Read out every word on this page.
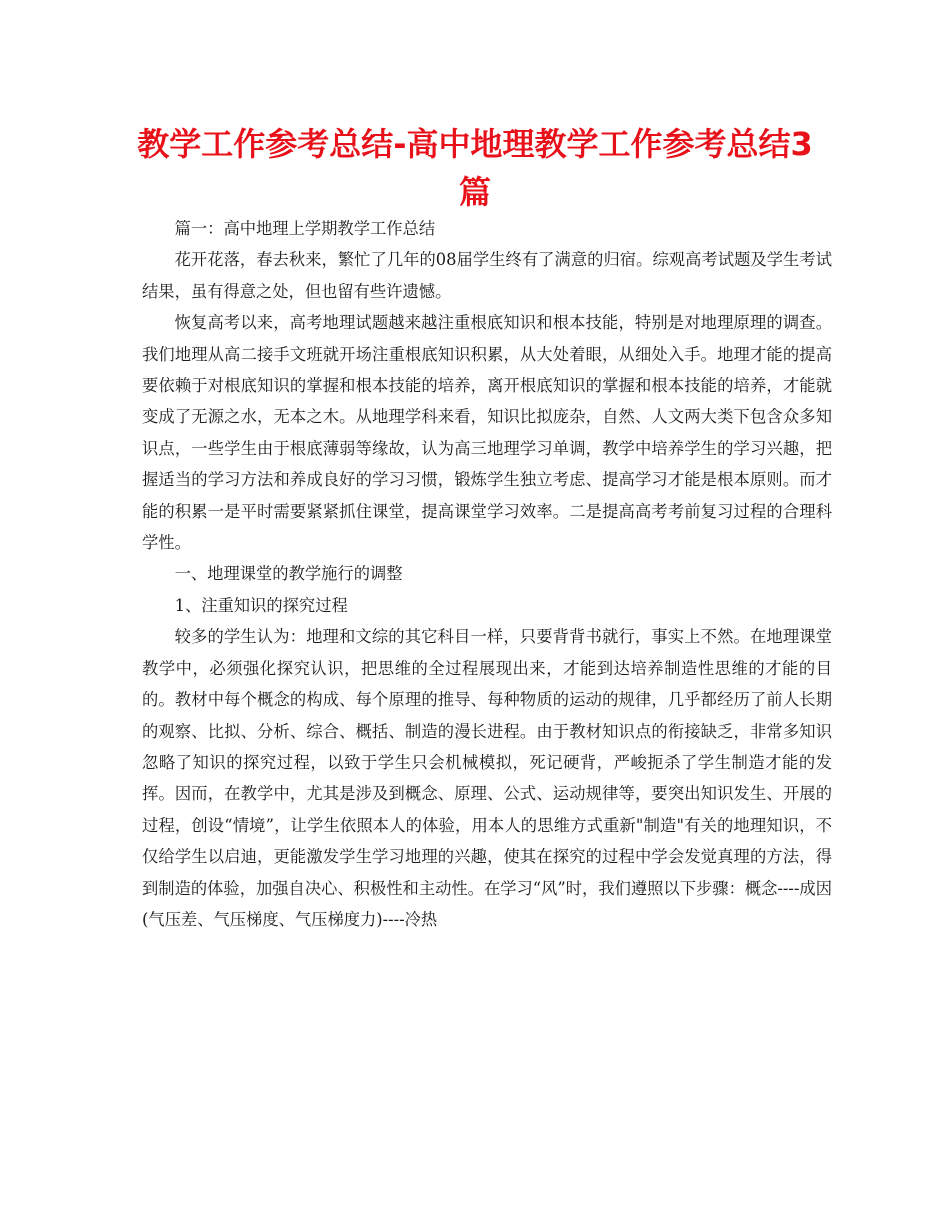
教学工作参考总结-高中地理教学工作参考总结3篇

篇一：高中地理上学期教学工作总结

花开花落，春去秋来，繁忙了几年的08届学生终有了满意的归宿。综观高考试题及学生考试结果，虽有得意之处，但也留有些许遗憾。

恢复高考以来，高考地理试题越来越注重根底知识和根本技能，特别是对地理原理的调查。我们地理从高二接手文班就开场注重根底知识积累，从大处着眼，从细处入手。地理才能的提高要依赖于对根底知识的掌握和根本技能的培养，离开根底知识的掌握和根本技能的培养，才能就变成了无源之水，无本之木。从地理学科来看，知识比拟庞杂，自然、人文两大类下包含众多知识点，一些学生由于根底薄弱等缘故，认为高三地理学习单调，教学中培养学生的学习兴趣，把握适当的学习方法和养成良好的学习习惯，锻炼学生独立考虑、提高学习才能是根本原则。而才能的积累一是平时需要紧紧抓住课堂，提高课堂学习效率。二是提高高考考前复习过程的合理科学性。

一、地理课堂的教学施行的调整

1、注重知识的探究过程

较多的学生认为：地理和文综的其它科目一样，只要背背书就行，事实上不然。在地理课堂教学中，必须强化探究认识，把思维的全过程展现出来，才能到达培养制造性思维的才能的目的。教材中每个概念的构成、每个原理的推导、每种物质的运动的规律，几乎都经历了前人长期的观察、比拟、分析、综合、概括、制造的漫长进程。由于教材知识点的衔接缺乏，非常多知识忽略了知识的探究过程，以致于学生只会机械模拟，死记硬背，严峻扼杀了学生制造才能的发挥。因而，在教学中，尤其是涉及到概念、原理、公式、运动规律等，要突出知识发生、开展的过程，创设“情境”，让学生依照本人的体验，用本人的思维方式重新"制造"有关的地理知识，不仅给学生以启迪，更能激发学生学习地理的兴趣，使其在探究的过程中学会发觉真理的方法，得到制造的体验，加强自决心、积极性和主动性。在学习“风”时，我们遵照以下步骤：概念----成因(气压差、气压梯度、气压梯度力)----冷热
